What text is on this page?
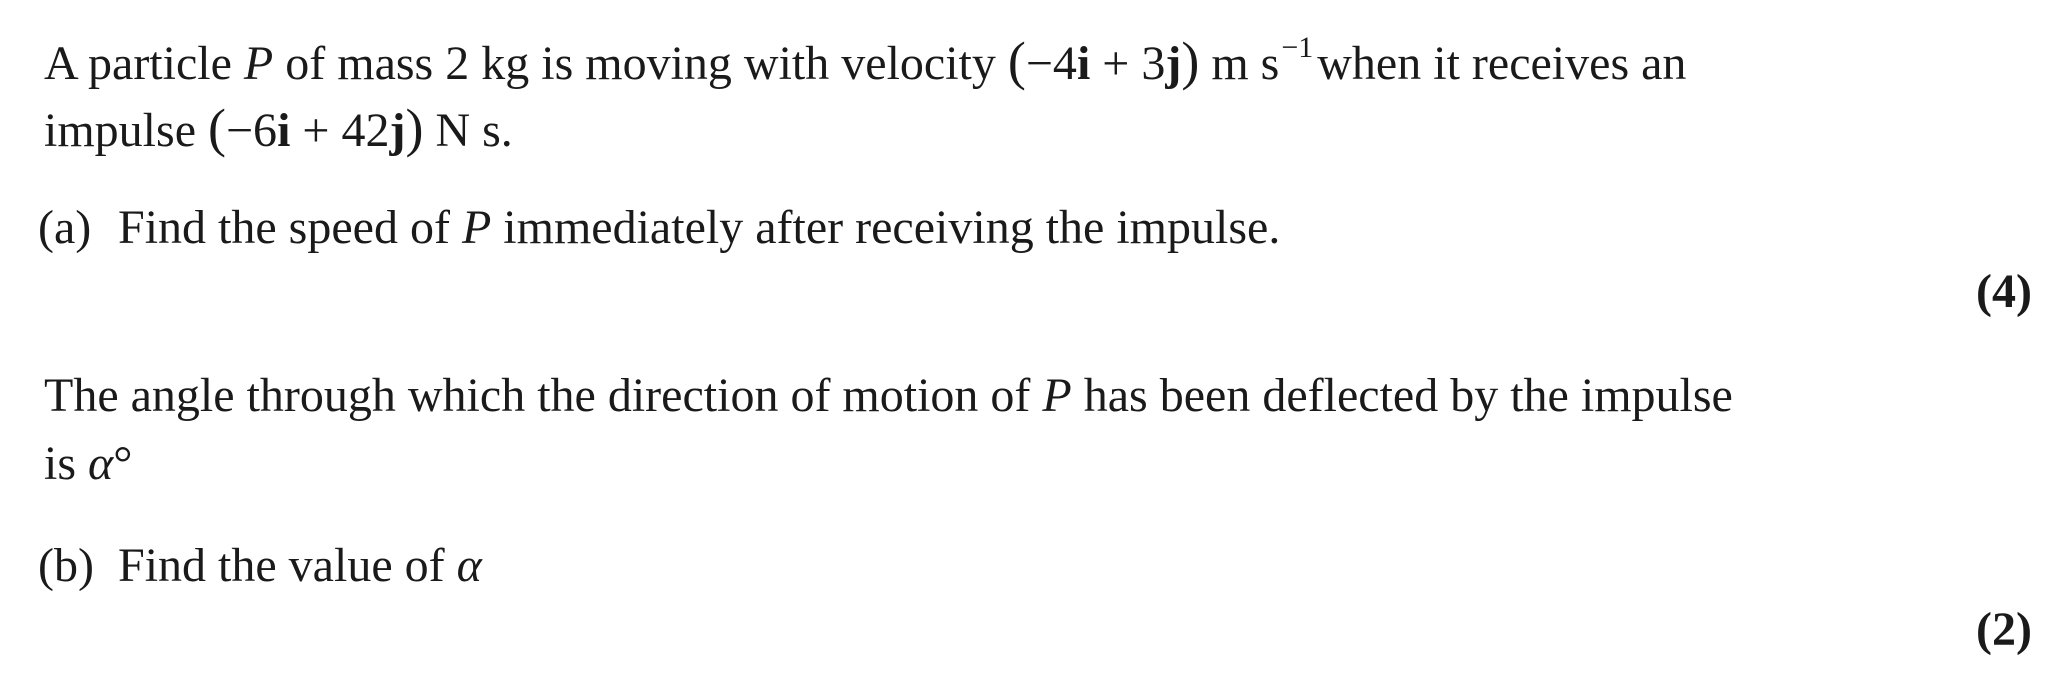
A particle P of mass 2 kg is moving with velocity (−4i + 3j) m $s^{-1}when$ it receives an
impulse (−6i + 42j) N s.
(a) Find the speed of P immediately after receiving the impulse.
(4)
The angle through which the direction of motion of P has been deflected by the impulse
is α°
(b) Find the value of α
(2)
